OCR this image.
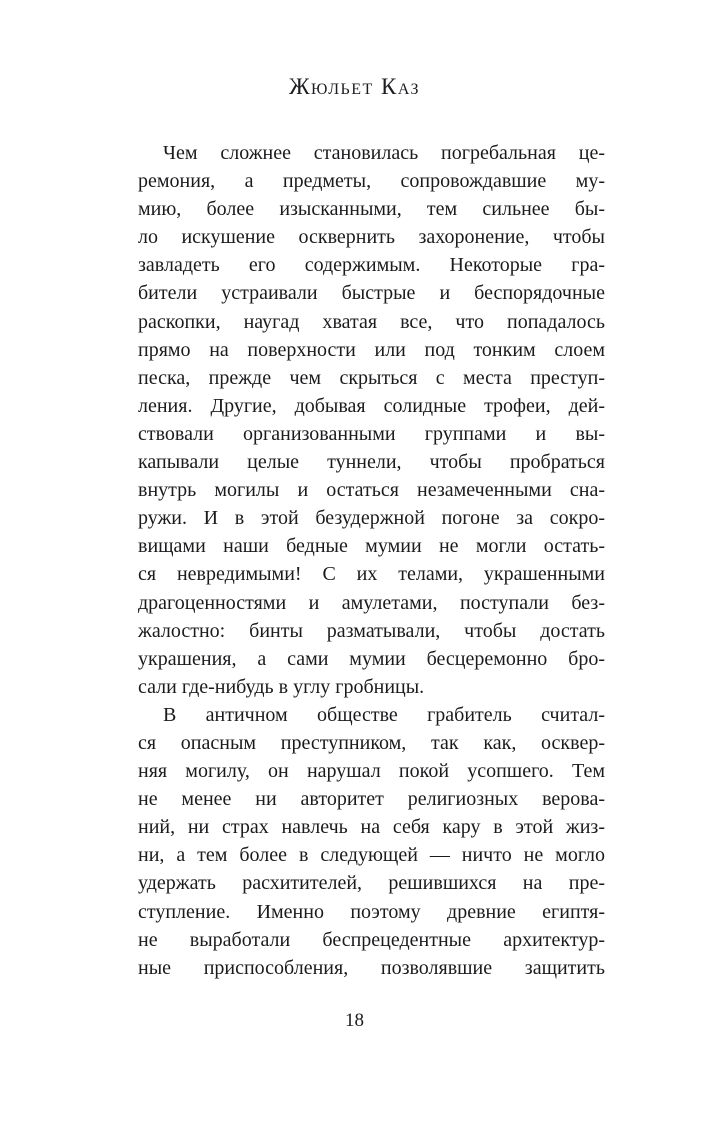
Жюльет Каз
Чем сложнее становилась погребальная це-
ремония, а предметы, сопровождавшие му-
мию, более изысканными, тем сильнее бы-
ло искушение осквернить захоронение, чтобы
завладеть его содержимым. Некоторые гра-
бители устраивали быстрые и беспорядочные
раскопки, наугад хватая все, что попадалось
прямо на поверхности или под тонким слоем
песка, прежде чем скрыться с места преступ-
ления. Другие, добывая солидные трофеи, дей-
ствовали организованными группами и вы-
капывали целые туннели, чтобы пробраться
внутрь могилы и остаться незамеченными сна-
ружи. И в этой безудержной погоне за сокро-
вищами наши бедные мумии не могли остать-
ся невредимыми! С их телами, украшенными
драгоценностями и амулетами, поступали без-
жалостно: бинты разматывали, чтобы достать
украшения, а сами мумии бесцеремонно бро-
сали где-нибудь в углу гробницы.
В античном обществе грабитель считал-
ся опасным преступником, так как, осквер-
няя могилу, он нарушал покой усопшего. Тем
не менее ни авторитет религиозных верова-
ний, ни страх навлечь на себя кару в этой жиз-
ни, а тем более в следующей — ничто не могло
удержать расхитителей, решившихся на пре-
ступление. Именно поэтому древние египтя-
не выработали беспрецедентные архитектур-
ные приспособления, позволявшие защитить
18
